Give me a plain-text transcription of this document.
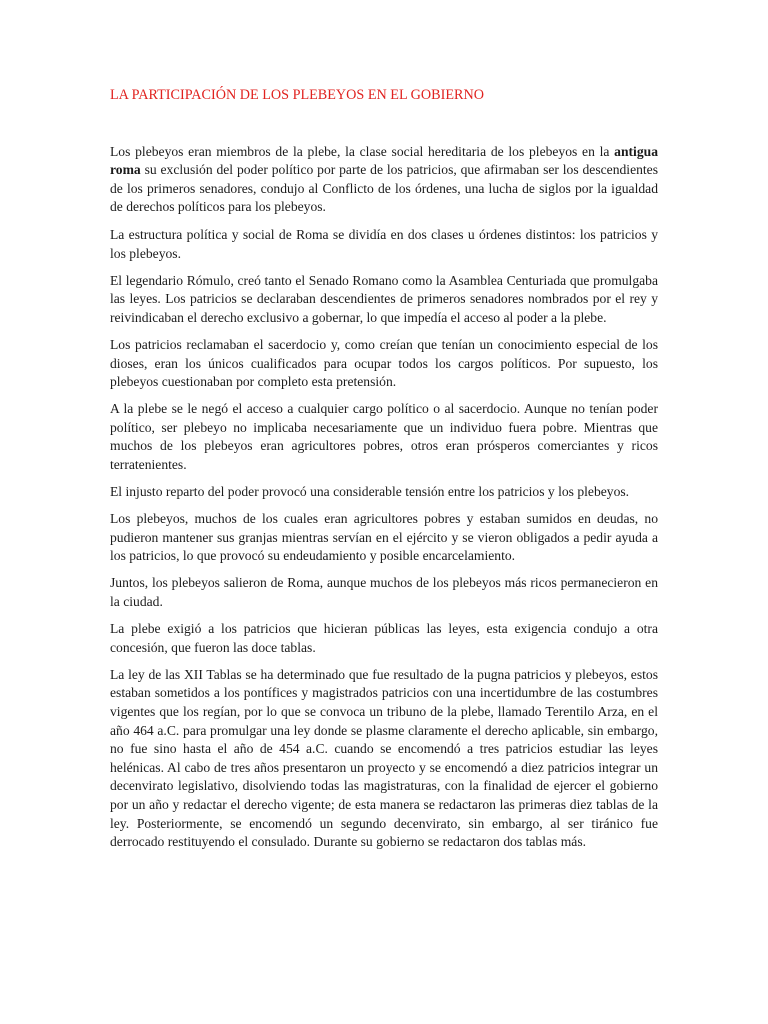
LA PARTICIPACIÓN DE LOS PLEBEYOS EN EL GOBIERNO

Los plebeyos eran miembros de la plebe, la clase social hereditaria de los plebeyos en la antigua roma su exclusión del poder político por parte de los patricios, que afirmaban ser los descendientes de los primeros senadores, condujo al Conflicto de los órdenes, una lucha de siglos por la igualdad de derechos políticos para los plebeyos.

La estructura política y social de Roma se dividía en dos clases u órdenes distintos: los patricios y los plebeyos.

El legendario Rómulo, creó tanto el Senado Romano como la Asamblea Centuriada que promulgaba las leyes. Los patricios se declaraban descendientes de primeros senadores nombrados por el rey y reivindicaban el derecho exclusivo a gobernar, lo que impedía el acceso al poder a la plebe.

Los patricios reclamaban el sacerdocio y, como creían que tenían un conocimiento especial de los dioses, eran los únicos cualificados para ocupar todos los cargos políticos. Por supuesto, los plebeyos cuestionaban por completo esta pretensión.

A la plebe se le negó el acceso a cualquier cargo político o al sacerdocio. Aunque no tenían poder político, ser plebeyo no implicaba necesariamente que un individuo fuera pobre. Mientras que muchos de los plebeyos eran agricultores pobres, otros eran prósperos comerciantes y ricos terratenientes.

El injusto reparto del poder provocó una considerable tensión entre los patricios y los plebeyos.

Los plebeyos, muchos de los cuales eran agricultores pobres y estaban sumidos en deudas, no pudieron mantener sus granjas mientras servían en el ejército y se vieron obligados a pedir ayuda a los patricios, lo que provocó su endeudamiento y posible encarcelamiento.

Juntos, los plebeyos salieron de Roma, aunque muchos de los plebeyos más ricos permanecieron en la ciudad.

La plebe exigió a los patricios que hicieran públicas las leyes, esta exigencia condujo a otra concesión, que fueron las doce tablas.

La ley de las XII Tablas se ha determinado que fue resultado de la pugna patricios y plebeyos, estos estaban sometidos a los pontífices y magistrados patricios con una incertidumbre de las costumbres vigentes que los regían, por lo que se convoca un tribuno de la plebe, llamado Terentilo Arza, en el año 464 a.C. para promulgar una ley donde se plasme claramente el derecho aplicable, sin embargo, no fue sino hasta el año de 454 a.C. cuando se encomendó a tres patricios estudiar las leyes helénicas. Al cabo de tres años presentaron un proyecto y se encomendó a diez patricios integrar un decenvirato legislativo, disolviendo todas las magistraturas, con la finalidad de ejercer el gobierno por un año y redactar el derecho vigente; de esta manera se redactaron las primeras diez tablas de la ley. Posteriormente, se encomendó un segundo decenvirato, sin embargo, al ser tiránico fue derrocado restituyendo el consulado. Durante su gobierno se redactaron dos tablas más.
